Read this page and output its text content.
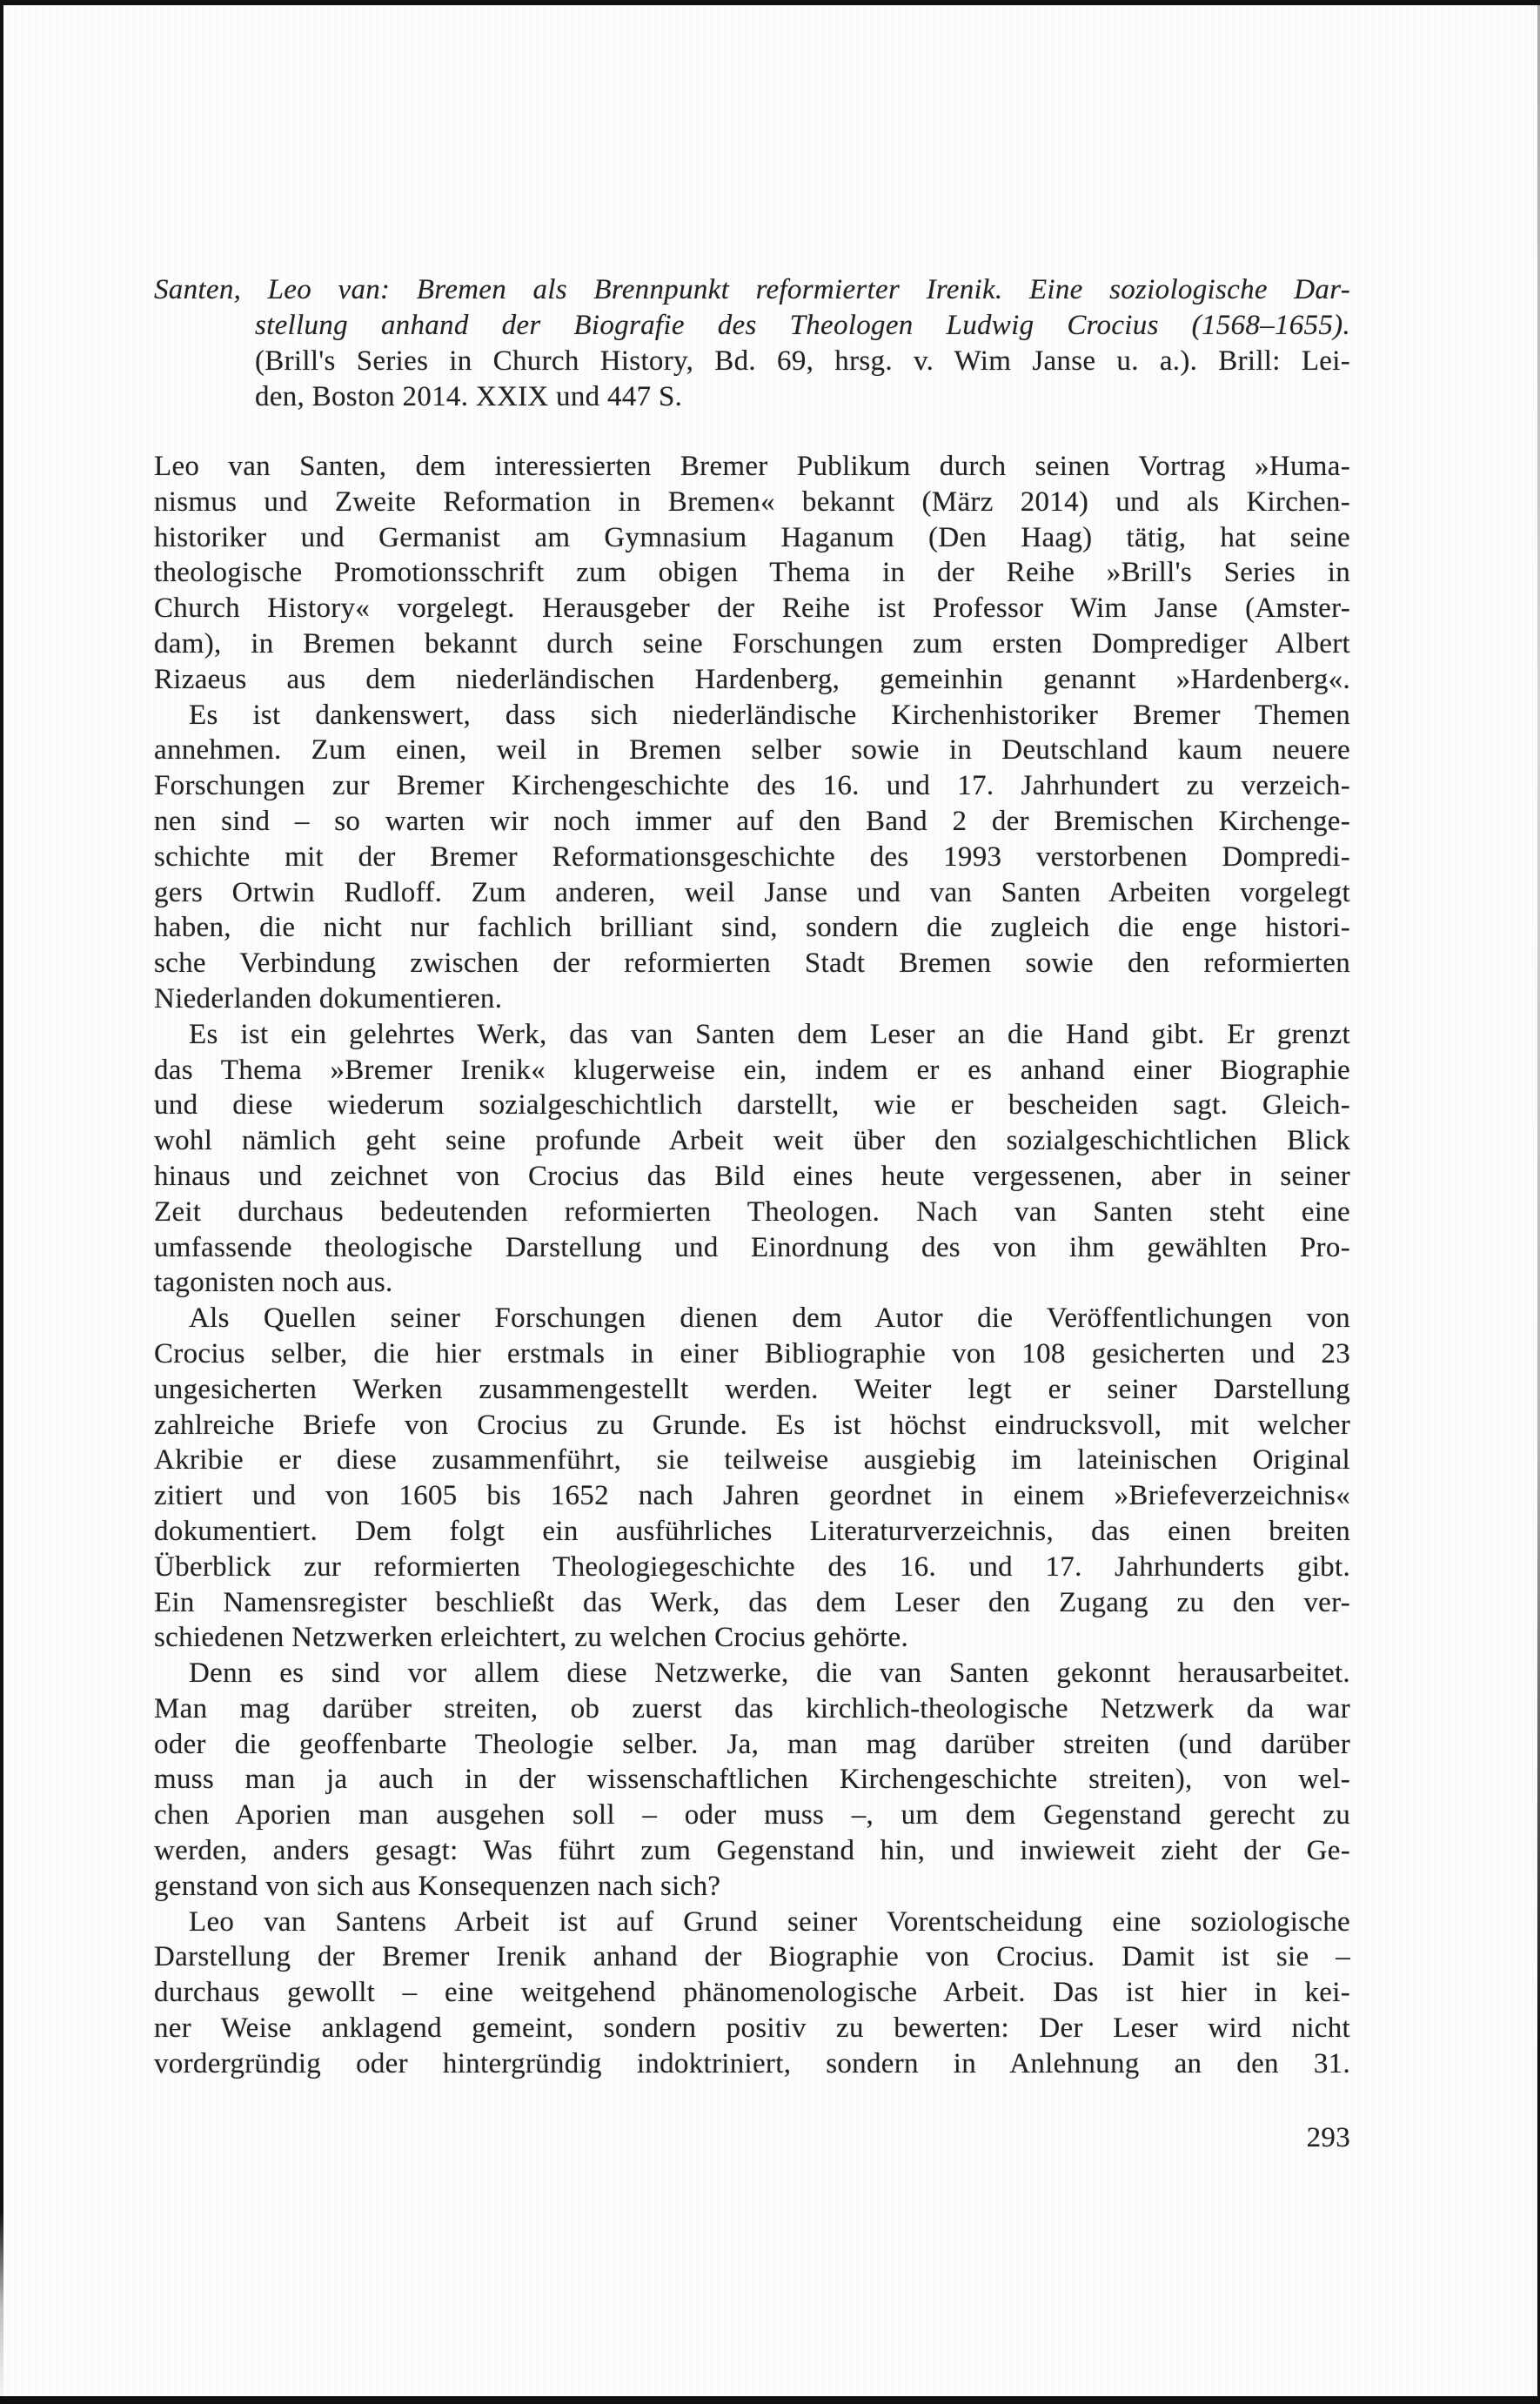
Santen, Leo van: Bremen als Brennpunkt reformierter Irenik. Eine soziologische Dar-
stellung anhand der Biografie des Theologen Ludwig Crocius (1568–1655).
(Brill's Series in Church History, Bd. 69, hrsg. v. Wim Janse u. a.). Brill: Lei-
den, Boston 2014. XXIX und 447 S.
Leo van Santen, dem interessierten Bremer Publikum durch seinen Vortrag »Huma-
nismus und Zweite Reformation in Bremen« bekannt (März 2014) und als Kirchen-
historiker und Germanist am Gymnasium Haganum (Den Haag) tätig, hat seine
theologische Promotionsschrift zum obigen Thema in der Reihe »Brill's Series in
Church History« vorgelegt. Herausgeber der Reihe ist Professor Wim Janse (Amster-
dam), in Bremen bekannt durch seine Forschungen zum ersten Domprediger Albert
Rizaeus aus dem niederländischen Hardenberg, gemeinhin genannt »Hardenberg«.
Es ist dankenswert, dass sich niederländische Kirchenhistoriker Bremer Themen
annehmen. Zum einen, weil in Bremen selber sowie in Deutschland kaum neuere
Forschungen zur Bremer Kirchengeschichte des 16. und 17. Jahrhundert zu verzeich-
nen sind – so warten wir noch immer auf den Band 2 der Bremischen Kirchenge-
schichte mit der Bremer Reformationsgeschichte des 1993 verstorbenen Dompredi-
gers Ortwin Rudloff. Zum anderen, weil Janse und van Santen Arbeiten vorgelegt
haben, die nicht nur fachlich brilliant sind, sondern die zugleich die enge histori-
sche Verbindung zwischen der reformierten Stadt Bremen sowie den reformierten
Niederlanden dokumentieren.
Es ist ein gelehrtes Werk, das van Santen dem Leser an die Hand gibt. Er grenzt
das Thema »Bremer Irenik« klugerweise ein, indem er es anhand einer Biographie
und diese wiederum sozialgeschichtlich darstellt, wie er bescheiden sagt. Gleich-
wohl nämlich geht seine profunde Arbeit weit über den sozialgeschichtlichen Blick
hinaus und zeichnet von Crocius das Bild eines heute vergessenen, aber in seiner
Zeit durchaus bedeutenden reformierten Theologen. Nach van Santen steht eine
umfassende theologische Darstellung und Einordnung des von ihm gewählten Pro-
tagonisten noch aus.
Als Quellen seiner Forschungen dienen dem Autor die Veröffentlichungen von
Crocius selber, die hier erstmals in einer Bibliographie von 108 gesicherten und 23
ungesicherten Werken zusammengestellt werden. Weiter legt er seiner Darstellung
zahlreiche Briefe von Crocius zu Grunde. Es ist höchst eindrucksvoll, mit welcher
Akribie er diese zusammenführt, sie teilweise ausgiebig im lateinischen Original
zitiert und von 1605 bis 1652 nach Jahren geordnet in einem »Briefeverzeichnis«
dokumentiert. Dem folgt ein ausführliches Literaturverzeichnis, das einen breiten
Überblick zur reformierten Theologiegeschichte des 16. und 17. Jahrhunderts gibt.
Ein Namensregister beschließt das Werk, das dem Leser den Zugang zu den ver-
schiedenen Netzwerken erleichtert, zu welchen Crocius gehörte.
Denn es sind vor allem diese Netzwerke, die van Santen gekonnt herausarbeitet.
Man mag darüber streiten, ob zuerst das kirchlich-theologische Netzwerk da war
oder die geoffenbarte Theologie selber. Ja, man mag darüber streiten (und darüber
muss man ja auch in der wissenschaftlichen Kirchengeschichte streiten), von wel-
chen Aporien man ausgehen soll – oder muss –, um dem Gegenstand gerecht zu
werden, anders gesagt: Was führt zum Gegenstand hin, und inwieweit zieht der Ge-
genstand von sich aus Konsequenzen nach sich?
Leo van Santens Arbeit ist auf Grund seiner Vorentscheidung eine soziologische
Darstellung der Bremer Irenik anhand der Biographie von Crocius. Damit ist sie –
durchaus gewollt – eine weitgehend phänomenologische Arbeit. Das ist hier in kei-
ner Weise anklagend gemeint, sondern positiv zu bewerten: Der Leser wird nicht
vordergründig oder hintergründig indoktriniert, sondern in Anlehnung an den 31.
293
